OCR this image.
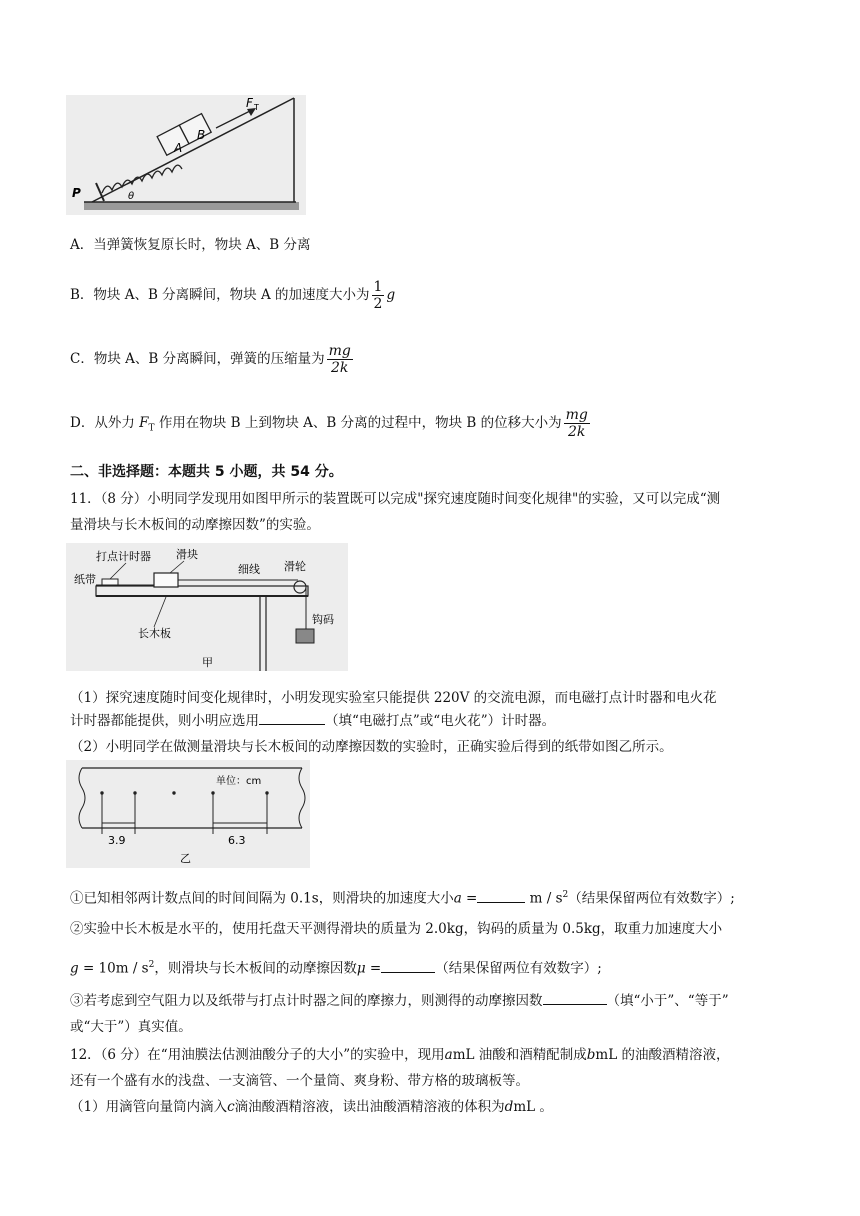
A
B
F T
P	θ
A．当弹簧恢复原长时，物块 A、B 分离
B．物块 A、B 分离瞬间，物块 A 的加速度大小为 $\frac{1}{2}$ g
C．物块 A、B 分离瞬间，弹簧的压缩量为 $\frac{mg}{2k}$
D．从外力 $F_T$ 作用在物块 B 上到物块 A、B 分离的过程中，物块 B 的位移大小为 $\frac{mg}{2k}$
二、非选择题：本题共 5 小题，共 54 分。
11．（8 分）小明同学发现用如图甲所示的装置既可以完成"探究速度随时间变化规律"的实验，又可以完成“测
量滑块与长木板间的动摩擦因数”的实验。
打点计时器 滑块
纸带
细线 滑轮
长木板
钩码
甲
（1）探究速度随时间变化规律时，小明发现实验室只能提供 220V 的交流电源，而电磁打点计时器和电火花
计时器都能提供，则小明应选用	（填“电磁打点”或“电火花”）计时器。
（2）小明同学在做测量滑块与长木板间的动摩擦因数的实验时，正确实验后得到的纸带如图乙所示。
单位：cm
3.9	6.3
乙
①已知相邻两计数点间的时间间隔为 0.1s，则滑块的加速度大小a =	m / $s^2$（结果保留两位有效数字）;
②实验中长木板是水平的，使用托盘天平测得滑块的质量为 2.0kg，钩码的质量为 0.5kg，取重力加速度大小
$g = 10m / s^2$，则滑块与长木板间的动摩擦因数μ =	（结果保留两位有效数字）;
③若考虑到空气阻力以及纸带与打点计时器之间的摩擦力，则测得的动摩擦因数	（填“小于”、“等于”
或“大于”）真实值。
12．（6 分）在“用油膜法估测油酸分子的大小”的实验中，现用amL 油酸和酒精配制成bmL 的油酸酒精溶液，
还有一个盛有水的浅盘、一支滴管、一个量筒、爽身粉、带方格的玻璃板等。
（1）用滴管向量筒内滴入c滴油酸酒精溶液，读出油酸酒精溶液的体积为dmL 。
